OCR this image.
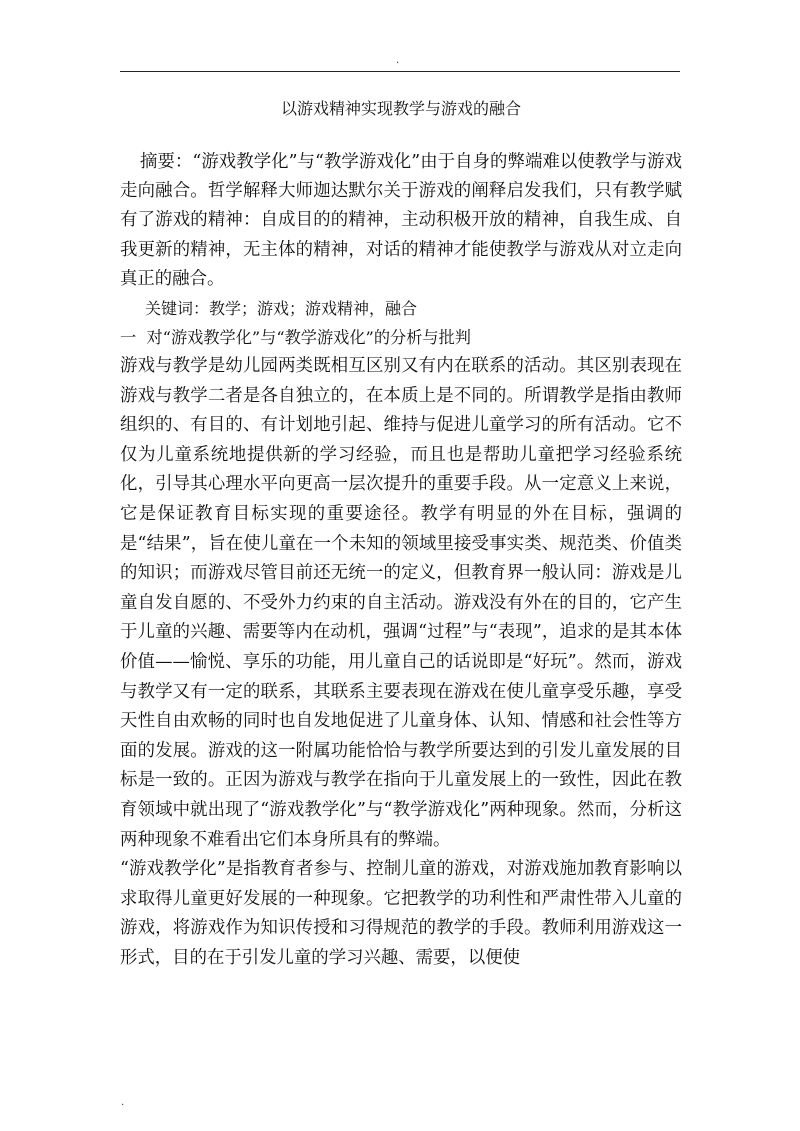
.
以游戏精神实现教学与游戏的融合

摘要：“游戏教学化”与“教学游戏化”由于自身的弊端难以使教学与游戏走向融合。哲学解释大师迦达默尔关于游戏的阐释启发我们，只有教学赋有了游戏的精神：自成目的的精神，主动积极开放的精神，自我生成、自我更新的精神，无主体的精神，对话的精神才能使教学与游戏从对立走向真正的融合。

关键词：教学；游戏；游戏精神，融合

一  对“游戏教学化”与“教学游戏化”的分析与批判

游戏与教学是幼儿园两类既相互区别又有内在联系的活动。其区别表现在游戏与教学二者是各自独立的，在本质上是不同的。所谓教学是指由教师组织的、有目的、有计划地引起、维持与促进儿童学习的所有活动。它不仅为儿童系统地提供新的学习经验，而且也是帮助儿童把学习经验系统化，引导其心理水平向更高一层次提升的重要手段。从一定意义上来说，它是保证教育目标实现的重要途径。教学有明显的外在目标，强调的是“结果”，旨在使儿童在一个未知的领域里接受事实类、规范类、价值类的知识；而游戏尽管目前还无统一的定义，但教育界一般认同：游戏是儿童自发自愿的、不受外力约束的自主活动。游戏没有外在的目的，它产生于儿童的兴趣、需要等内在动机，强调“过程”与“表现”，追求的是其本体价值——愉悦、享乐的功能，用儿童自己的话说即是“好玩”。然而，游戏与教学又有一定的联系，其联系主要表现在游戏在使儿童享受乐趣，享受天性自由欢畅的同时也自发地促进了儿童身体、认知、情感和社会性等方面的发展。游戏的这一附属功能恰恰与教学所要达到的引发儿童发展的目标是一致的。正因为游戏与教学在指向于儿童发展上的一致性，因此在教育领域中就出现了“游戏教学化”与“教学游戏化”两种现象。然而，分析这两种现象不难看出它们本身所具有的弊端。

“游戏教学化”是指教育者参与、控制儿童的游戏，对游戏施加教育影响以求取得儿童更好发展的一种现象。它把教学的功利性和严肃性带入儿童的游戏，将游戏作为知识传授和习得规范的教学的手段。教师利用游戏这一形式，目的在于引发儿童的学习兴趣、需要，以便使

.
